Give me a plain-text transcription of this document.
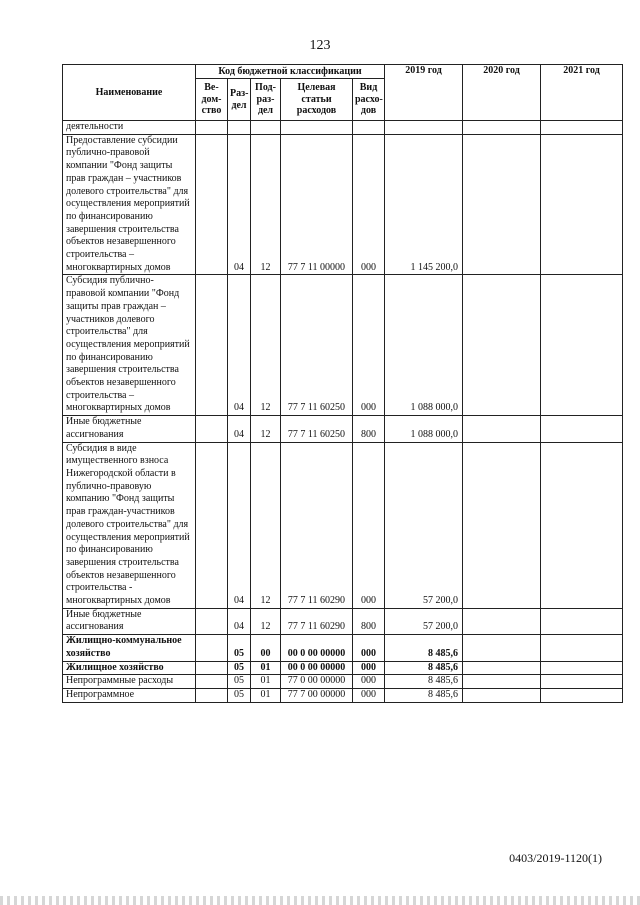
123
Наименование	Код бюджетной классификации					2019 год	2020 год	2021 год
	Ве-дом-ство	Раз-дел	Под-раз-дел	Целевая статьи расходов	Вид расхо-дов			
деятельности								
Предоставление субсидии публично-правовой компании "Фонд защиты прав граждан – участников долевого строительства" для осуществления мероприятий по финансированию завершения строительства объектов незавершенного строительства – многоквартирных домов		04	12	77 7 11 00000	000	1 145 200,0		
Субсидия публично-правовой компании "Фонд защиты прав граждан – участников долевого строительства" для осуществления мероприятий по финансированию завершения строительства объектов незавершенного строительства – многоквартирных домов		04	12	77 7 11 60250	000	1 088 000,0		
Иные бюджетные ассигнования		04	12	77 7 11 60250	800	1 088 000,0		
Субсидия в виде имущественного взноса Нижегородской области в публично-правовую компанию "Фонд защиты прав граждан-участников долевого строительства" для осуществления мероприятий по финансированию завершения строительства объектов незавершенного строительства - многоквартирных домов		04	12	77 7 11 60290	000	57 200,0		
Иные бюджетные ассигнования		04	12	77 7 11 60290	800	57 200,0		
Жилищно-коммунальное хозяйство		05	00	00 0 00 00000	000	8 485,6		
Жилищное хозяйство		05	01	00 0 00 00000	000	8 485,6		
Непрограммные расходы		05	01	77 0 00 00000	000	8 485,6		
Непрограммное		05	01	77 7 00 00000	000	8 485,6		
0403/2019-1120(1)
